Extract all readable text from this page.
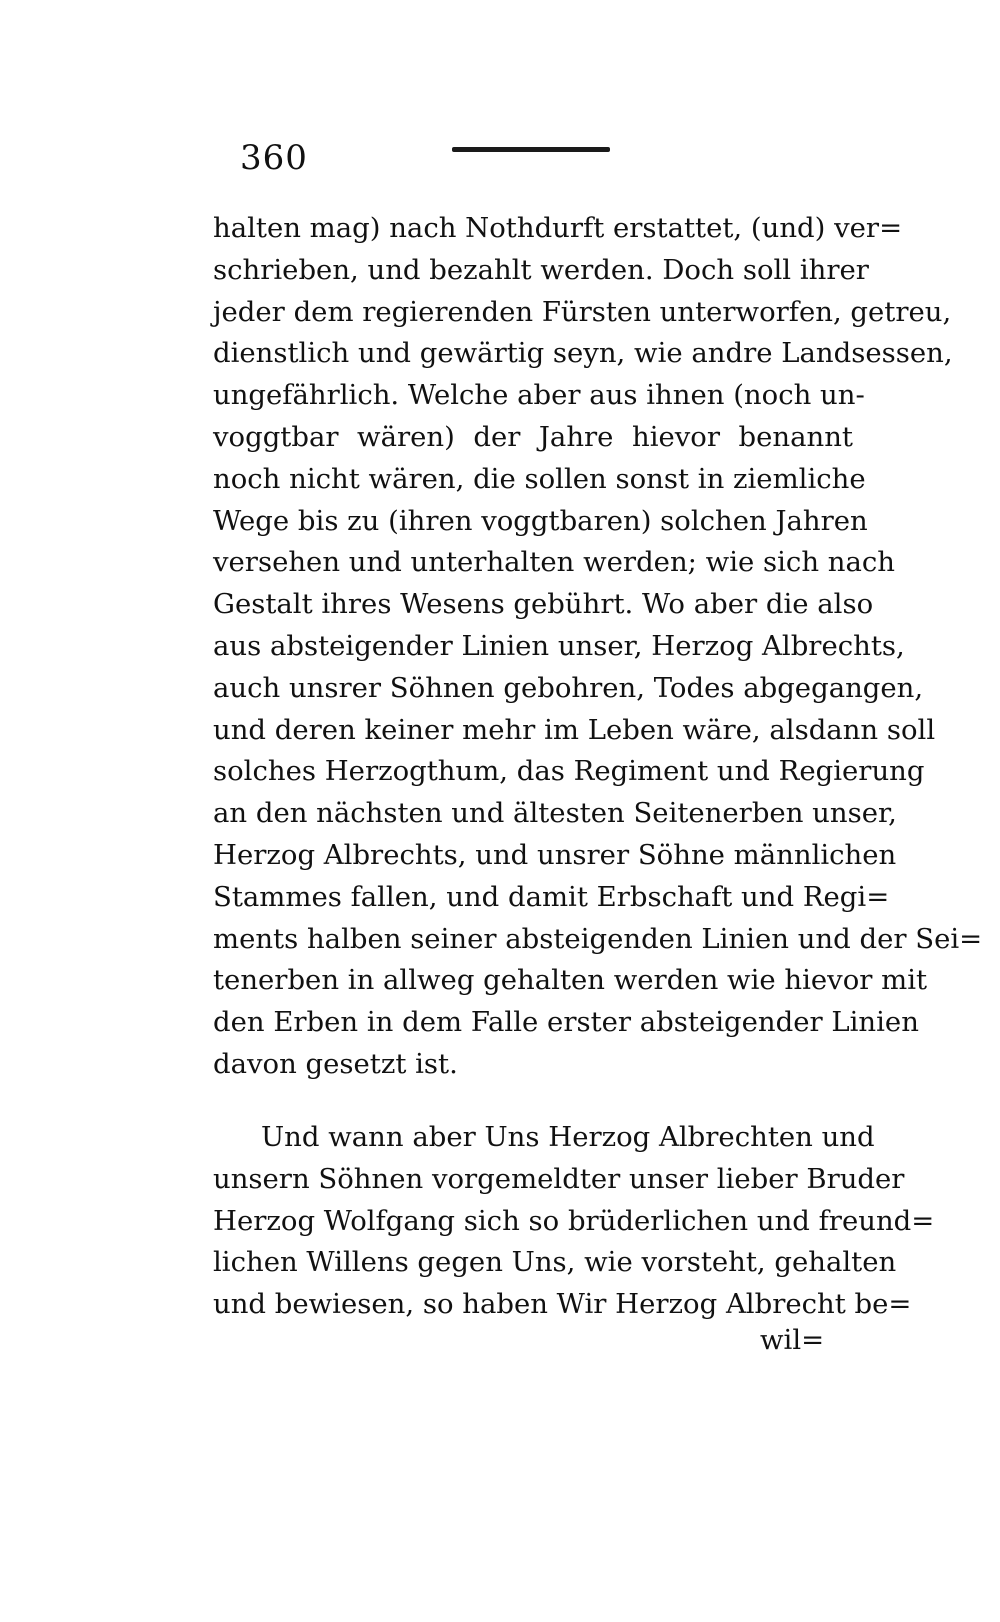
360
halten mag) nach Nothdurft erstattet, (und) ver=
schrieben, und bezahlt werden. Doch soll ihrer
jeder dem regierenden Fürsten unterworfen, getreu,
dienstlich und gewärtig seyn, wie andre Landsessen,
ungefährlich. Welche aber aus ihnen (noch un-
voggtbar wären) der Jahre hievor benannt
noch nicht wären, die sollen sonst in ziemliche
Wege bis zu (ihren voggtbaren) solchen Jahren
versehen und unterhalten werden; wie sich nach
Gestalt ihres Wesens gebührt. Wo aber die also
aus absteigender Linien unser, Herzog Albrechts,
auch unsrer Söhnen gebohren, Todes abgegangen,
und deren keiner mehr im Leben wäre, alsdann soll
solches Herzogthum, das Regiment und Regierung
an den nächsten und ältesten Seitenerben unser,
Herzog Albrechts, und unsrer Söhne männlichen
Stammes fallen, und damit Erbschaft und Regi=
ments halben seiner absteigenden Linien und der Sei=
tenerben in allweg gehalten werden wie hievor mit
den Erben in dem Falle erster absteigender Linien
davon gesetzt ist.
Und wann aber Uns Herzog Albrechten und
unsern Söhnen vorgemeldter unser lieber Bruder
Herzog Wolfgang sich so brüderlichen und freund=
lichen Willens gegen Uns, wie vorsteht, gehalten
und bewiesen, so haben Wir Herzog Albrecht be=
wil=
